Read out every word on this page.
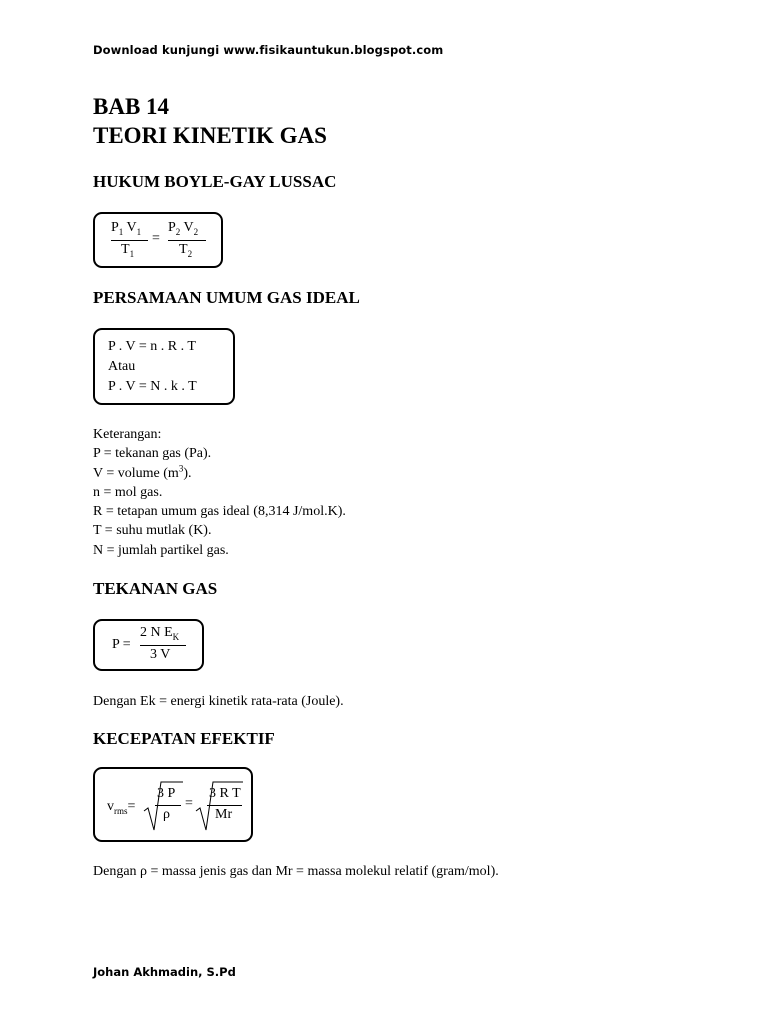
Download kunjungi www.fisikauntukun.blogspot.com
BAB 14
TEORI KINETIK GAS
HUKUM BOYLE-GAY LUSSAC
$P_1$ $V_1$
$T_1$
=
$P_2$ $V_2$
$T_2$
PERSAMAAN UMUM GAS IDEAL
P . V = n . R . T
Atau
P . V = N . k . T
Keterangan:
P = tekanan gas (Pa).
V = volume $(m^3)$.
n = mol gas.
R = tetapan umum gas ideal (8,314 J/mol.K).
T = suhu mutlak (K).
N = jumlah partikel gas.
TEKANAN GAS
P =
2 N $E_K$
3 V
Dengan Ek = energi kinetik rata-rata (Joule).
KECEPATAN EFEKTIF
$v_{rms}=$
3 P
ρ
=
3 R T
Mr
Dengan ρ = massa jenis gas dan Mr = massa molekul relatif (gram/mol).
Johan Akhmadin, S.Pd
